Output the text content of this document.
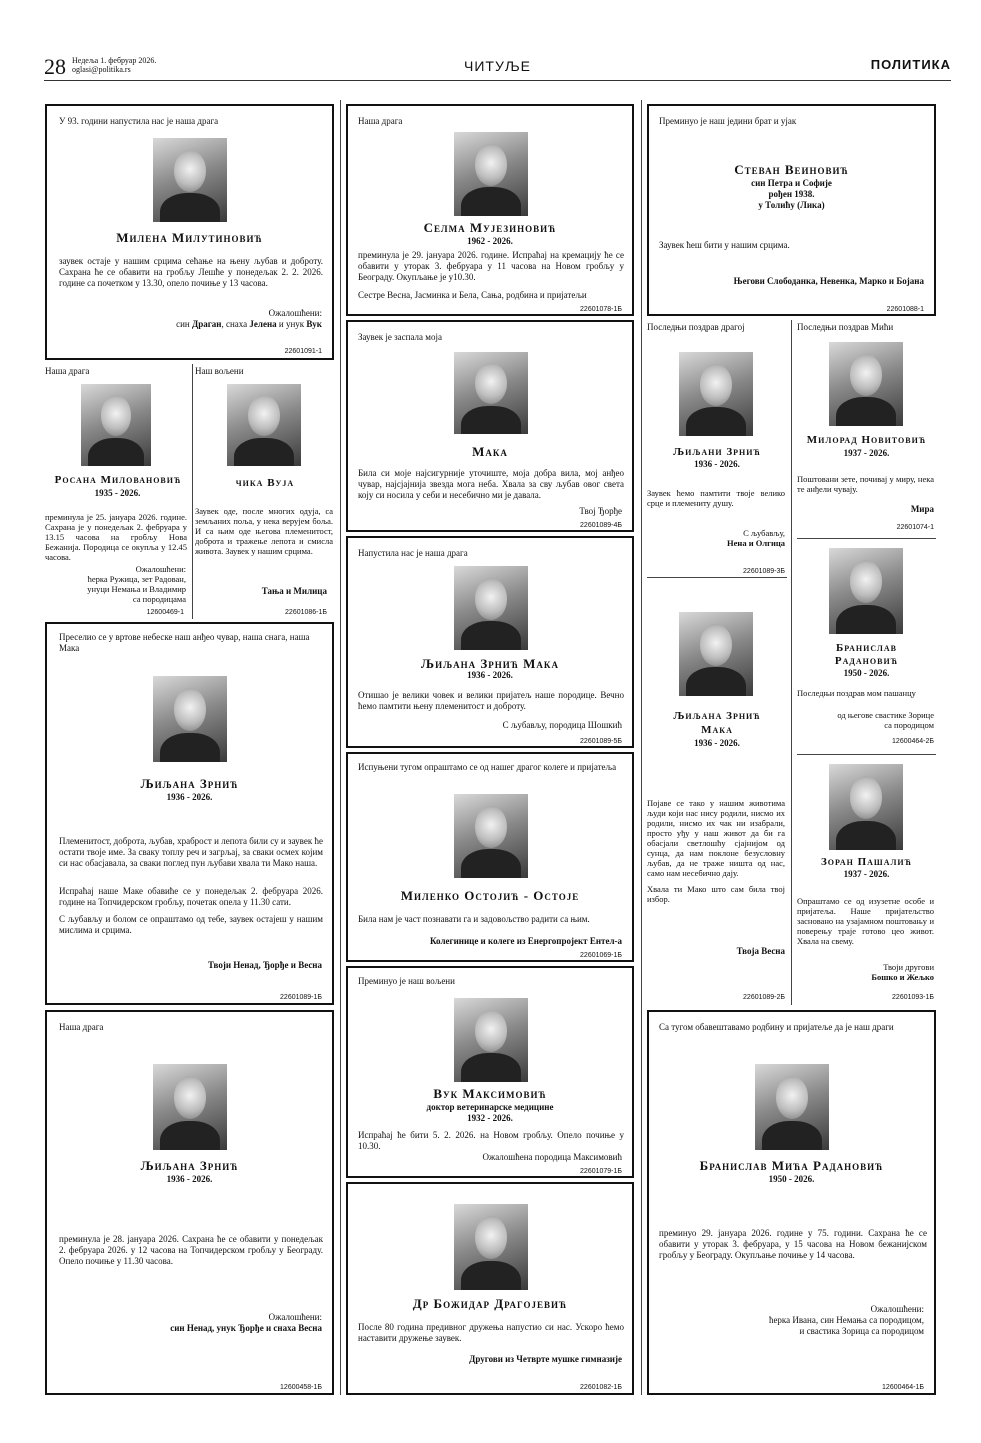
28 Недеља 1. фебруар 2026.
oglasi@politika.rs	ЧИТУЉЕ	ПОЛИТИКА
У 93. години напустила нас је наша драга
Милена Милутиновић
заувек остаје у нашим срцима сећање на њену љубав и доброту. Сахрана ће се обавити на гробљу Лешће у понедељак 2. 2. 2026. године са почетком у 13.30, опело почиње у 13 часова.
Ожалошћени:
син Драган, снаха Јелена и унук Вук
22601091-1
Наша драга
Росана Миловановић
1935 - 2026.
преминула је 25. јануара 2026. године. Сахрана је у понедељак 2. фебруара у 13.15 часова на гробљу Нова Бежанија. Породица се окупља у 12.45 часова.
Ожалошћени:
ћерка Ружица, зет Радован,
унуци Немања и Владимир
са породицама
12600469-1
Наш вољени
чика Вуја
Заувек оде, после многих одуја, са земљаних поља, у нека верујем боља. И са њим оде његова племенитост, доброта и тражење лепота и смисла живота. Заувек у нашим срцима.
Тања и Милица
22601086-1Б
Преселио се у вртове небеске наш анђео чувар, наша снага, наша Мака
Љиљана Зрнић
1936 - 2026.
Племенитост, доброта, љубав, храброст и лепота били су и заувек ће остати твоје име. За сваку топлу реч и загрљај, за сваки осмех којим си нас обасјавала, за сваки поглед пун љубави хвала ти Мако наша.
Испраћај наше Маке обавиће се у понедељак 2. фебруара 2026. године на Топчидерском гробљу, почетак опела у 11.30 сати.
С љубављу и болом се опраштамо од тебе, заувек остајеш у нашим мислима и срцима.
Твоји Ненад, Ђорђе и Весна
22601089-1Б
Наша драга
Љиљана Зрнић
1936 - 2026.
преминула је 28. јануара 2026. Сахрана ће се обавити у понедељак 2. фебруара 2026. у 12 часова на Топчидерском гробљу у Београду. Опело почиње у 11.30 часова.
Ожалошћени:
син Ненад, унук Ђорђе и снаха Весна
12600458-1Б
Наша драга
Селма Мујезиновић
1962 - 2026.
преминула је 29. јануара 2026. године. Испраћај на кремацију ће се обавити у уторак 3. фебруара у 11 часова на Новом гробљу у Београду. Окупљање је у10.30.
Сестре Весна, Јасминка и Бела, Сања, родбина и пријатељи
22601078-1Б
Заувек је заспала моја
Мака
Била си моје најсигурније уточиште, моја добра вила, мој анђео чувар, најсјајнија звезда мога неба. Хвала за сву љубав овог света коју си носила у себи и несебично ми је давала.
Твој Ђорђе
22601089-4Б
Напустила нас је наша драга
Љиљана Зрнић Мака
1936 - 2026.
Отишао је велики човек и велики пријатељ наше породице. Вечно ћемо памтити њену племенитост и доброту.
С љубављу, породица Шошкић
22601089-5Б
Испуњени тугом опраштамо се од нашег драгог колеге и пријатеља
Миленко Остојић - Остоје
Била нам је част познавати га и задовољство радити са њим.
Колегинице и колеге из Енергопројект Ентел-а
22601069-1Б
Преминуо је наш вољени
Вук Максимовић
доктор ветеринарске медицине
1932 - 2026.
Испраћај ће бити 5. 2. 2026. на Новом гробљу. Опело почиње у 10.30.
Ожалошћена породица Максимовић
22601079-1Б
Др Божидар Драгојевић
После 80 година предивног дружења напустио си нас. Ускоро ћемо наставити дружење заувек.
Другови из Четврте мушке гимназије
22601082-1Б
Преминуо је наш једини брат и ујак
Стеван Веиновић
син Петра и Софије
рођен 1938.
у Толићу (Лика)
Заувек ћеш бити у нашим срцима.
Његови Слободанка, Невенка, Марко и Бојана
22601088-1
Последњи поздрав драгој
Љиљани Зрнић
1936 - 2026.
Заувек ћемо памтити твоје велико срце и племениту душу.
С љубављу,
Нена и Олгица
22601089-3Б
Љиљана Зрнић
Мака
1936 - 2026.
Појаве се тако у нашим животима људи који нас нису родили, нисмо их родили, нисмо их чак ни изабрали, просто уђу у наш живот да би га обасјали светлошћу сјајнијом од сунца, да нам поклоне безусловну љубав, да не траже ништа од нас, само нам несебично дају.
Хвала ти Мако што сам била твој избор.
Твоја Весна
22601089-2Б
Последњи поздрав Мићи
Милорад Новитовић
1937 - 2026.
Поштовани зете, почивај у миру, нека те анђели чувају.
Мира
22601074-1
Бранислав
Радановић
1950 - 2026.
Последњи поздрав мом пашанцу
од његове свастике Зорице
са породицом
12600464-2Б
Зоран Пашалић
1937 - 2026.
Опраштамо се од изузетне особе и пријатеља. Наше пријатељство засновано на узајамном поштовању и поверењу траје готово цео живот. Хвала на свему.
Твоји другови
Бошко и Жељко
22601093-1Б
Са тугом обавештавамо родбину и пријатеље да је наш драги
Бранислав Мића Радановић
1950 - 2026.
преминуо 29. јануара 2026. године у 75. години. Сахрана ће се обавити у уторак 3. фебруара, у 15 часова на Новом бежанијском гробљу у Београду. Окупљање почиње у 14 часова.
Ожалошћени:
ћерка Ивана, син Немања са породицом,
и свастика Зорица са породицом
12600464-1Б
